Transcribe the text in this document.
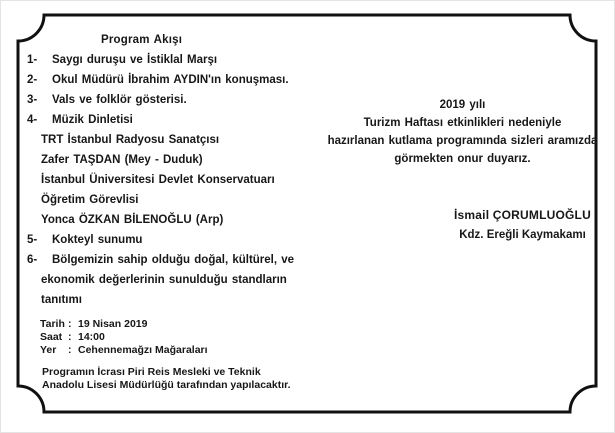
Program Akışı
1- Saygı duruşu ve İstiklal Marşı
2- Okul Müdürü İbrahim AYDIN'ın konuşması.
3- Vals ve folklör gösterisi.
4- Müzik Dinletisi
TRT İstanbul Radyosu Sanatçısı
Zafer TAŞDAN (Mey - Duduk)
İstanbul Üniversitesi Devlet Konservatuarı
Öğretim Görevlisi
Yonca ÖZKAN BİLENOĞLU (Arp)
5- Kokteyl sunumu
6- Bölgemizin sahip olduğu doğal, kültürel, ve
ekonomik değerlerinin sunulduğu standların
tanıtımı
2019 yılı
Turizm Haftası etkinlikleri nedeniyle
hazırlanan kutlama programında sizleri aramızda
görmekten onur duyarız.
İsmail ÇORUMLUOĞLU
Kdz. Ereğli Kaymakamı
Tarih : 19 Nisan 2019
Saat : 14:00
Yer : Cehennemağzı Mağaraları
Programın İcrası Piri Reis Mesleki ve Teknik
Anadolu Lisesi Müdürlüğü tarafından yapılacaktır.
